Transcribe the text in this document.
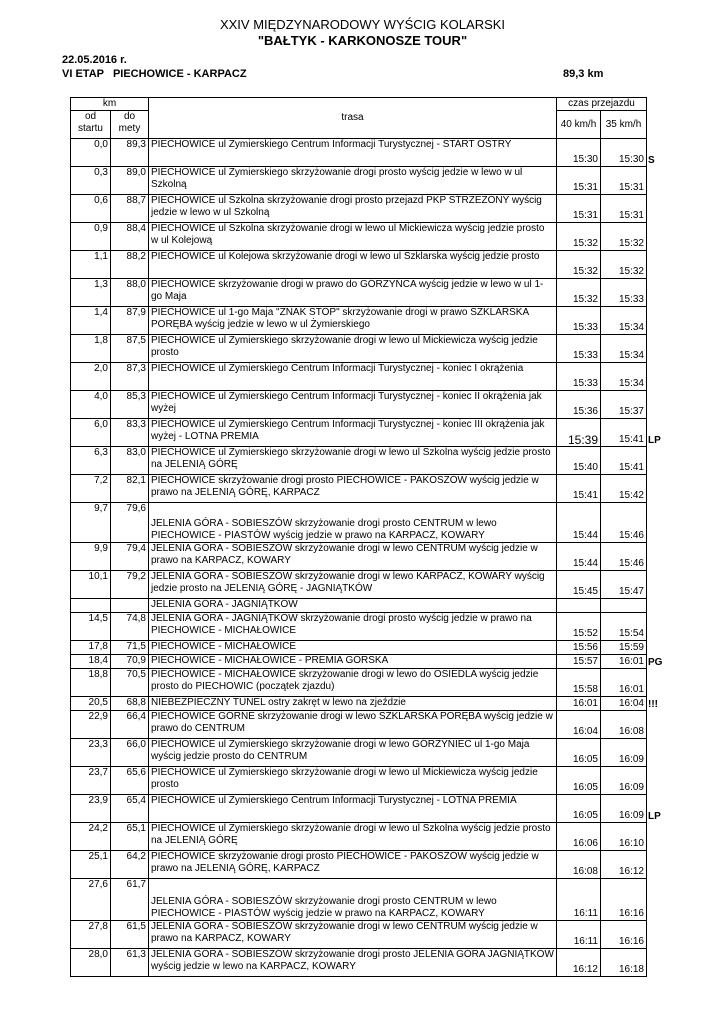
XXIV MIĘDZYNARODOWY WYŚCIG KOLARSKI
"BAŁTYK - KARKONOSZE TOUR"
22.05.2016 r.
VI ETAP   PIECHOWICE - KARPACZ	89,3 km
km		trasa	czas przejazdu		
od startu	do mety		40 km/h	35 km/h	
0,0	89,3	PIECHOWICE ul Żymierskiego Centrum Informacji Turystycznej - START OSTRY	15:30	15:30	S
0,3	89,0	PIECHOWICE ul Żymierskiego skrzyżowanie drogi prosto wyścig jedzie w lewo w ul Szkolną	15:31	15:31	
0,6	88,7	PIECHOWICE ul Szkolna skrzyżowanie drogi prosto przejazd PKP STRZEŻONY wyścig jedzie w lewo w ul Szkolną	15:31	15:31	
0,9	88,4	PIECHOWICE ul Szkolna skrzyżowanie drogi w lewo ul Mickiewicza wyścig jedzie prosto w ul Kolejową	15:32	15:32	
1,1	88,2	PIECHOWICE ul Kolejowa skrzyżowanie drogi w lewo ul Szklarska wyścig jedzie prosto	15:32	15:32	
1,3	88,0	PIECHOWICE skrzyżowanie drogi w prawo do GÓRZYŃCA wyścig jedzie w lewo w ul 1-go Maja	15:32	15:33	
1,4	87,9	PIECHOWICE ul 1-go Maja "ZNAK STOP" skrzyżowanie drogi w prawo SZKLARSKA PORĘBA wyścig jedzie w lewo w ul Żymierskiego	15:33	15:34	
1,8	87,5	PIECHOWICE ul Żymierskiego skrzyżowanie drogi w lewo ul Mickiewicza wyścig jedzie prosto	15:33	15:34	
2,0	87,3	PIECHOWICE ul Żymierskiego Centrum Informacji Turystycznej - koniec I okrążenia	15:33	15:34	
4,0	85,3	PIECHOWICE ul Żymierskiego Centrum Informacji Turystycznej - koniec II okrążenia jak wyżej	15:36	15:37	
6,0	83,3	PIECHOWICE ul Żymierskiego Centrum Informacji Turystycznej - koniec III okrążenia jak wyżej - LOTNA PREMIA	15:39	15:41	LP
6,3	83,0	PIECHOWICE ul Żymierskiego skrzyżowanie drogi w lewo ul Szkolna wyścig jedzie prosto na JELENIĄ GÓRĘ	15:40	15:41	
7,2	82,1	PIECHOWICE skrzyżowanie drogi prosto PIECHOWICE - PAKOSZÓW wyścig jedzie w prawo na JELENIĄ GÓRĘ, KARPACZ	15:41	15:42	
9,7	79,6	JELENIA GÓRA - SOBIESZÓW skrzyżowanie drogi prosto CENTRUM w lewo PIECHOWICE - PIASTÓW wyścig jedzie w prawo na KARPACZ, KOWARY	15:44	15:46	
9,9	79,4	JELENIA GÓRA - SOBIESZÓW skrzyżowanie drogi w lewo CENTRUM wyścig jedzie w prawo na KARPACZ, KOWARY	15:44	15:46	
10,1	79,2	JELENIA GÓRA - SOBIESZÓW skrzyżowanie drogi w lewo KARPACZ, KOWARY wyścig jedzie prosto na JELENIĄ GÓRĘ - JAGNIĄTKÓW	15:45	15:47	
		JELENIA GÓRA - JAGNIĄTKÓW			
14,5	74,8	JELENIA GÓRA - JAGNIĄTKÓW skrzyżowanie drogi prosto wyścig jedzie w prawo na PIECHOWICE - MICHAŁOWICE	15:52	15:54	
17,8	71,5	PIECHOWICE - MICHAŁOWICE	15:56	15:59	
18,4	70,9	PIECHOWICE - MICHAŁOWICE - PREMIA GÓRSKA	15:57	16:01	PG
18,8	70,5	PIECHOWICE - MICHAŁOWICE skrzyżowanie drogi w lewo do OSIEDLA wyścig jedzie prosto do PIECHOWIC (początek zjazdu)	15:58	16:01	
20,5	68,8	NIEBEZPIECZNY TUNEL ostry zakręt w lewo na zjeździe	16:01	16:04	!!!
22,9	66,4	PIECHOWICE GÓRNE skrzyżowanie drogi w lewo SZKLARSKA PORĘBA wyścig jedzie w prawo do CENTRUM	16:04	16:08	
23,3	66,0	PIECHOWICE ul Żymierskiego skrzyżowanie drogi w lewo GÓRZYNIEC ul 1-go Maja wyścig jedzie prosto do CENTRUM	16:05	16:09	
23,7	65,6	PIECHOWICE ul Żymierskiego skrzyżowanie drogi w lewo ul Mickiewicza wyścig jedzie prosto	16:05	16:09	
23,9	65,4	PIECHOWICE ul Żymierskiego Centrum Informacji Turystycznej - LOTNA PREMIA	16:05	16:09	LP
24,2	65,1	PIECHOWICE ul Żymierskiego skrzyżowanie drogi w lewo ul Szkolna wyścig jedzie prosto na JELENIĄ GÓRĘ	16:06	16:10	
25,1	64,2	PIECHOWICE skrzyżowanie drogi prosto PIECHOWICE - PAKOSZÓW wyścig jedzie w prawo na JELENIĄ GÓRĘ, KARPACZ	16:08	16:12	
27,6	61,7	JELENIA GÓRA - SOBIESZÓW skrzyżowanie drogi prosto CENTRUM w lewo PIECHOWICE - PIASTÓW wyścig jedzie w prawo na KARPACZ, KOWARY	16:11	16:16	
27,8	61,5	JELENIA GÓRA - SOBIESZÓW skrzyżowanie drogi w lewo CENTRUM wyścig jedzie w prawo na KARPACZ, KOWARY	16:11	16:16	
28,0	61,3	JELENIA GÓRA - SOBIESZÓW skrzyżowanie drogi prosto JELENIA GÓRA JAGNIĄTKÓW wyścig jedzie w lewo na KARPACZ, KOWARY	16:12	16:18	
